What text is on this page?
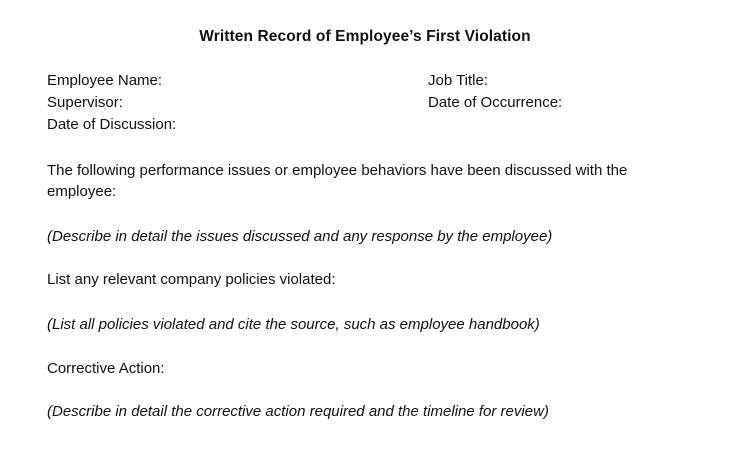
Written Record of Employee’s First Violation
Employee Name:
Supervisor:
Date of Discussion:
Job Title:
Date of Occurrence:
The following performance issues or employee behaviors have been discussed with the employee:
(Describe in detail the issues discussed and any response by the employee)
List any relevant company policies violated:
(List all policies violated and cite the source, such as employee handbook)
Corrective Action:
(Describe in detail the corrective action required and the timeline for review)
